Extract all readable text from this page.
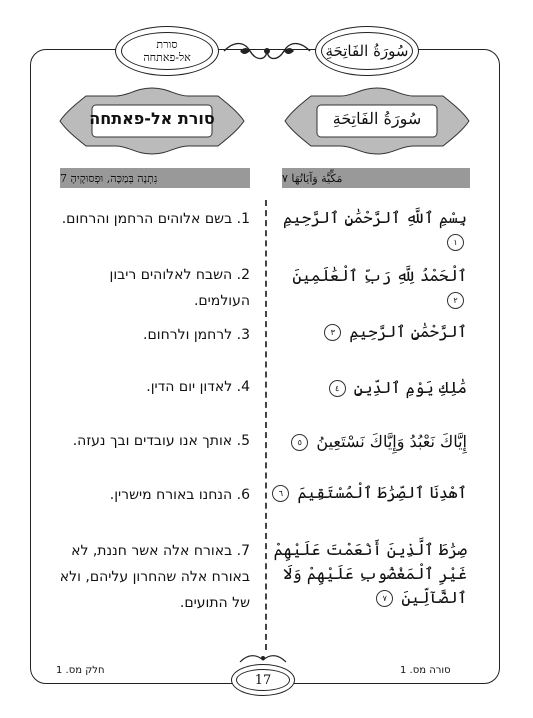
סורת
אל-פאתחה	سُورَةُ الفَاتِحَةِ
סורת אל-פאתחה	سُورَةُ الفَاتِحَةِ
נִתְנָה בְּמַכָּה, וּפְסוּקֶיהָ 7	مَكِّيَّة وَآيَاتُهَا ٧
بِسْمِ ٱللَّهِ ٱلرَّحْمَٰنِ ٱلرَّحِيمِ ١
ٱلْحَمْدُ لِلَّهِ رَبِّ ٱلْعَٰلَمِينَ ٢
ٱلرَّحْمَٰنِ ٱلرَّحِيمِ ٣
مَٰلِكِ يَوْمِ ٱلدِّينِ ٤
إِيَّاكَ نَعْبُدُ وَإِيَّاكَ نَسْتَعِينُ ٥
ٱهْدِنَا ٱلصِّرَٰطَ ٱلْمُسْتَقِيمَ ٦
صِرَٰطَ ٱلَّذِينَ أَنْعَمْتَ عَلَيْهِمْ غَيْرِ ٱلْمَغْضُوبِ عَلَيْهِمْ وَلَا ٱلضَّآلِّينَ ٧
1. בשם אלוהים הרחמן והרחום.
2. השבח לאלוהים ריבון העולמים.
3. לרחמן ולרחום.
4. לאדון יום הדין.
5. אותך אנו עובדים ובך נעזה.
6. הנחנו באורח מישרין.
7. באורח אלה אשר חננת, לא באורח אלה שהחרון עליהם, ולא של התועים.
חלק מס. 1	סורה מס. 1
17
